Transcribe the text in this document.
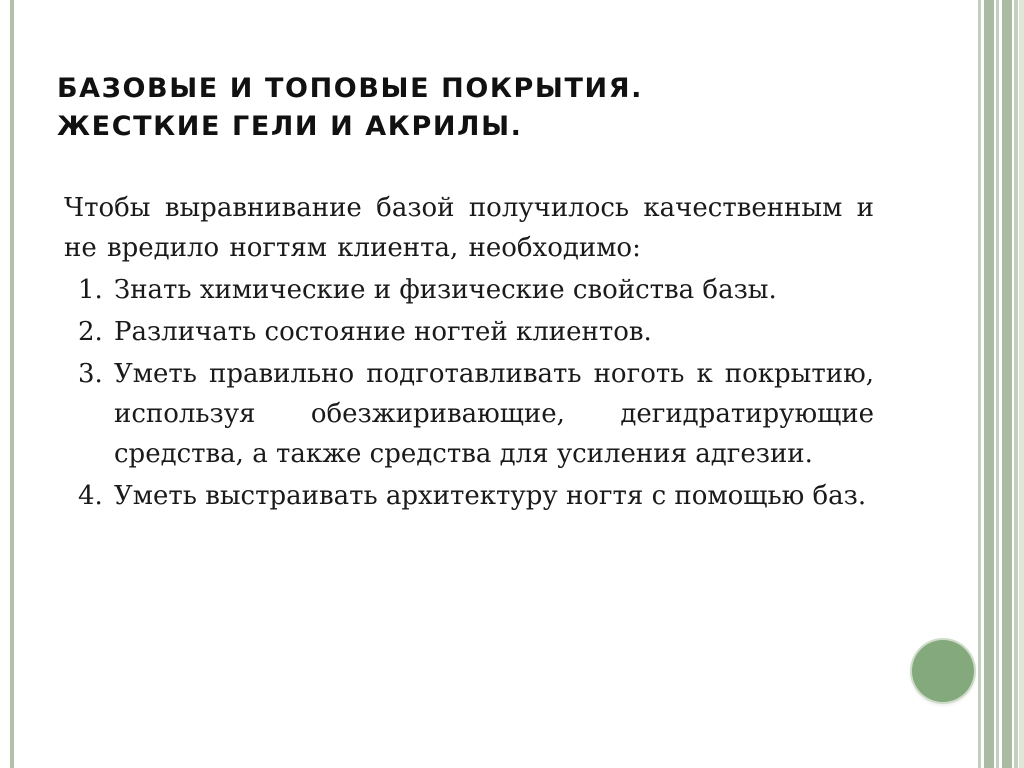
БАЗОВЫЕ И ТОПОВЫЕ ПОКРЫТИЯ.
ЖЕСТКИЕ ГЕЛИ И АКРИЛЫ.

Чтобы выравнивание базой получилось качественным и не вредило ногтям клиента, необходимо:

1. Знать химические и физические свойства базы.
2. Различать состояние ногтей клиентов.
3. Уметь правильно подготавливать ноготь к покрытию, используя обезжиривающие, дегидратирующие средства, а также средства для усиления адгезии.
4. Уметь выстраивать архитектуру ногтя с помощью баз.
